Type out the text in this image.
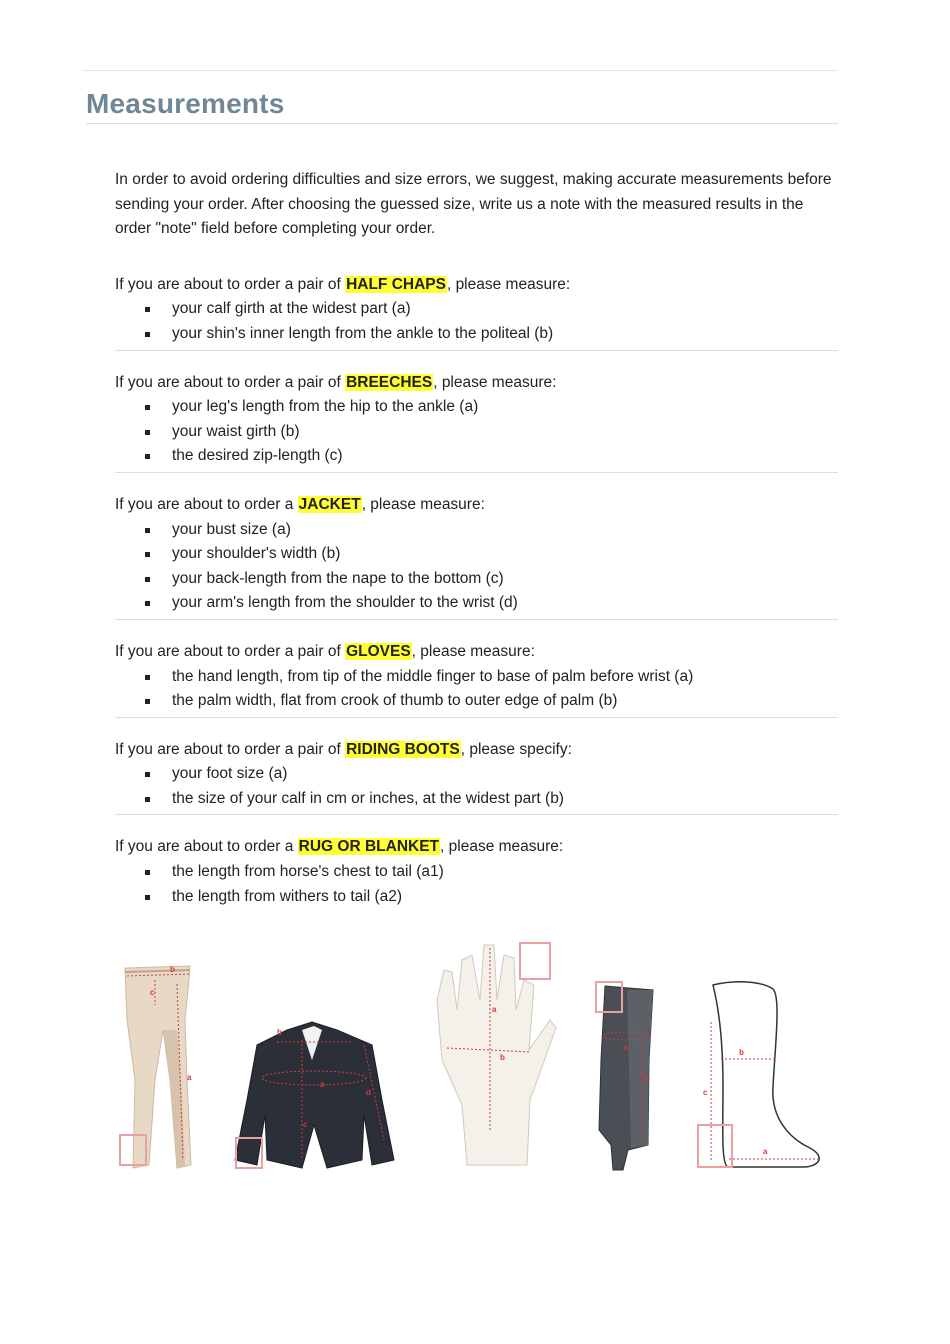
Measurements

In order to avoid ordering difficulties and size errors, we suggest, making accurate measurements before sending your order. After choosing the guessed size, write us a note with the measured results in the order "note" field before completing your order.

If you are about to order a pair of HALF CHAPS, please measure:

your calf girth at the widest part (a)
your shin's inner length from the ankle to the politeal (b)

If you are about to order a pair of BREECHES, please measure:

your leg's length from the hip to the ankle (a)
your waist girth (b)
the desired zip-length (c)

If you are about to order a JACKET, please measure:

your bust size (a)
your shoulder's width (b)
your back-length from the nape to the bottom (c)
your arm's length from the shoulder to the wrist (d)

If you are about to order a pair of GLOVES, please measure:

the hand length, from tip of the middle finger to base of palm before wrist (a)
the palm width, flat from crook of thumb to outer edge of palm (b)

If you are about to order a pair of RIDING BOOTS, please specify:

your foot size (a)
the size of your calf in cm or inches, at the widest part (b)

If you are about to order a RUG OR BLANKET, please measure:

the length from horse's chest to tail (a1)
the length from withers to tail (a2)
b
c
a
b
a
d
c
a
b
a
b
b
c
a
